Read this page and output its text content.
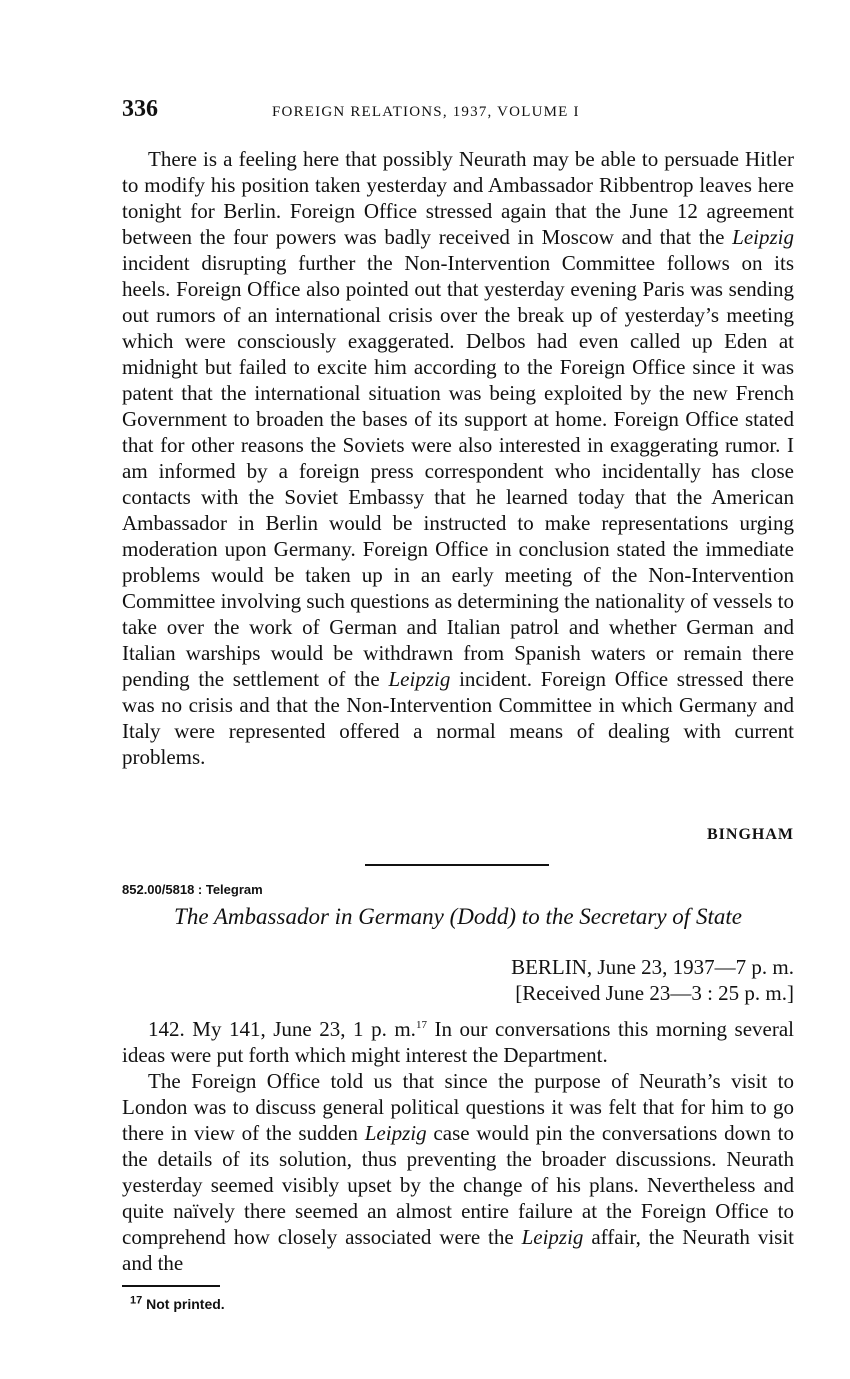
336	FOREIGN RELATIONS, 1937, VOLUME I

There is a feeling here that possibly Neurath may be able to persuade Hitler to modify his position taken yesterday and Ambassador Ribbentrop leaves here tonight for Berlin. Foreign Office stressed again that the June 12 agreement between the four powers was badly received in Moscow and that the Leipzig incident disrupting further the Non-Intervention Committee follows on its heels. Foreign Office also pointed out that yesterday evening Paris was sending out rumors of an international crisis over the break up of yesterday’s meeting which were consciously exaggerated. Delbos had even called up Eden at midnight but failed to excite him according to the Foreign Office since it was patent that the international situation was being exploited by the new French Government to broaden the bases of its support at home. Foreign Office stated that for other reasons the Soviets were also interested in exaggerating rumor. I am informed by a foreign press correspondent who incidentally has close contacts with the Soviet Embassy that he learned today that the American Ambassador in Berlin would be instructed to make representations urging moderation upon Germany. Foreign Office in conclusion stated the immediate problems would be taken up in an early meeting of the Non-Intervention Committee involving such questions as determining the nationality of vessels to take over the work of German and Italian patrol and whether German and Italian warships would be withdrawn from Spanish waters or remain there pending the settlement of the Leipzig incident. Foreign Office stressed there was no crisis and that the Non-Intervention Committee in which Germany and Italy were represented offered a normal means of dealing with current problems.

BINGHAM
852.00/5818 : Telegram
The Ambassador in Germany (Dodd) to the Secretary of State
BERLIN, June 23, 1937—7 p. m.
[Received June 23—3 : 25 p. m.]

142. My 141, June 23, 1 p. m.$^{17}$ In our conversations this morning several ideas were put forth which might interest the Department.

The Foreign Office told us that since the purpose of Neurath’s visit to London was to discuss general political questions it was felt that for him to go there in view of the sudden Leipzig case would pin the conversations down to the details of its solution, thus preventing the broader discussions. Neurath yesterday seemed visibly upset by the change of his plans. Nevertheless and quite naïvely there seemed an almost entire failure at the Foreign Office to comprehend how closely associated were the Leipzig affair, the Neurath visit and the

$^{17}$ Not printed.
